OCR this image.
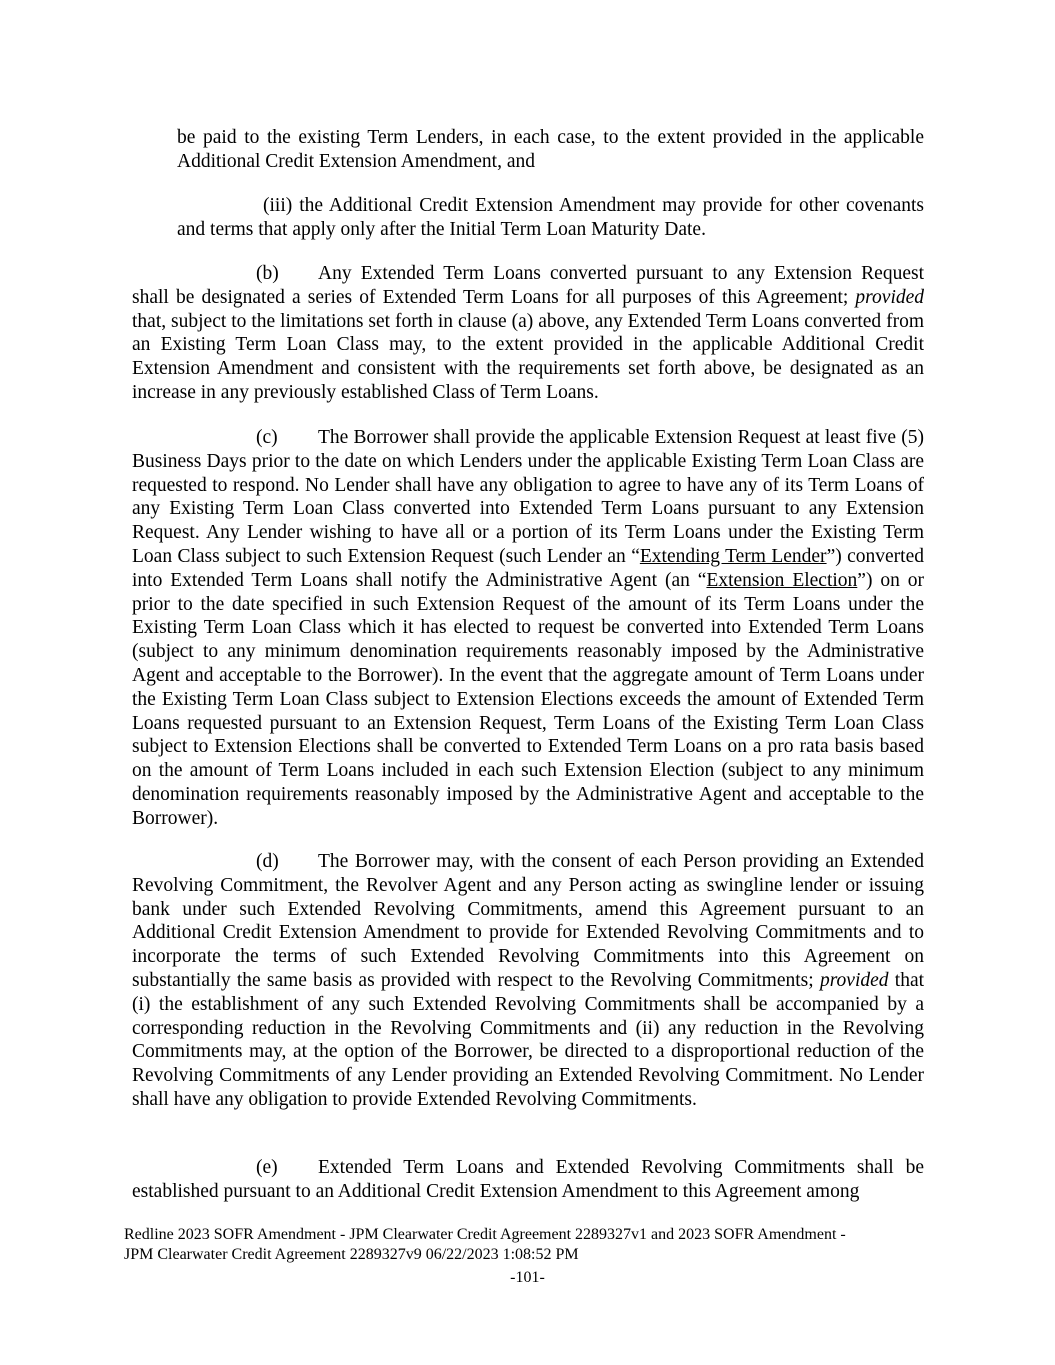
be paid to the existing Term Lenders, in each case, to the extent provided in the applicable Additional Credit Extension Amendment, and

(iii) the Additional Credit Extension Amendment may provide for other covenants and terms that apply only after the Initial Term Loan Maturity Date.

(b) Any Extended Term Loans converted pursuant to any Extension Request shall be designated a series of Extended Term Loans for all purposes of this Agreement; provided that, subject to the limitations set forth in clause (a) above, any Extended Term Loans converted from an Existing Term Loan Class may, to the extent provided in the applicable Additional Credit Extension Amendment and consistent with the requirements set forth above, be designated as an increase in any previously established Class of Term Loans.

(c) The Borrower shall provide the applicable Extension Request at least five (5) Business Days prior to the date on which Lenders under the applicable Existing Term Loan Class are requested to respond. No Lender shall have any obligation to agree to have any of its Term Loans of any Existing Term Loan Class converted into Extended Term Loans pursuant to any Extension Request. Any Lender wishing to have all or a portion of its Term Loans under the Existing Term Loan Class subject to such Extension Request (such Lender an “Extending Term Lender”) converted into Extended Term Loans shall notify the Administrative Agent (an “Extension Election”) on or prior to the date specified in such Extension Request of the amount of its Term Loans under the Existing Term Loan Class which it has elected to request be converted into Extended Term Loans (subject to any minimum denomination requirements reasonably imposed by the Administrative Agent and acceptable to the Borrower). In the event that the aggregate amount of Term Loans under the Existing Term Loan Class subject to Extension Elections exceeds the amount of Extended Term Loans requested pursuant to an Extension Request, Term Loans of the Existing Term Loan Class subject to Extension Elections shall be converted to Extended Term Loans on a pro rata basis based on the amount of Term Loans included in each such Extension Election (subject to any minimum denomination requirements reasonably imposed by the Administrative Agent and acceptable to the Borrower).

(d) The Borrower may, with the consent of each Person providing an Extended Revolving Commitment, the Revolver Agent and any Person acting as swingline lender or issuing bank under such Extended Revolving Commitments, amend this Agreement pursuant to an Additional Credit Extension Amendment to provide for Extended Revolving Commitments and to incorporate the terms of such Extended Revolving Commitments into this Agreement on substantially the same basis as provided with respect to the Revolving Commitments; provided that (i) the establishment of any such Extended Revolving Commitments shall be accompanied by a corresponding reduction in the Revolving Commitments and (ii) any reduction in the Revolving Commitments may, at the option of the Borrower, be directed to a disproportional reduction of the Revolving Commitments of any Lender providing an Extended Revolving Commitment. No Lender shall have any obligation to provide Extended Revolving Commitments.

(e) Extended Term Loans and Extended Revolving Commitments shall be established pursuant to an Additional Credit Extension Amendment to this Agreement among

Redline 2023 SOFR Amendment - JPM Clearwater Credit Agreement 2289327v1 and 2023 SOFR Amendment -
JPM Clearwater Credit Agreement 2289327v9 06/22/2023 1:08:52 PM
-101-
